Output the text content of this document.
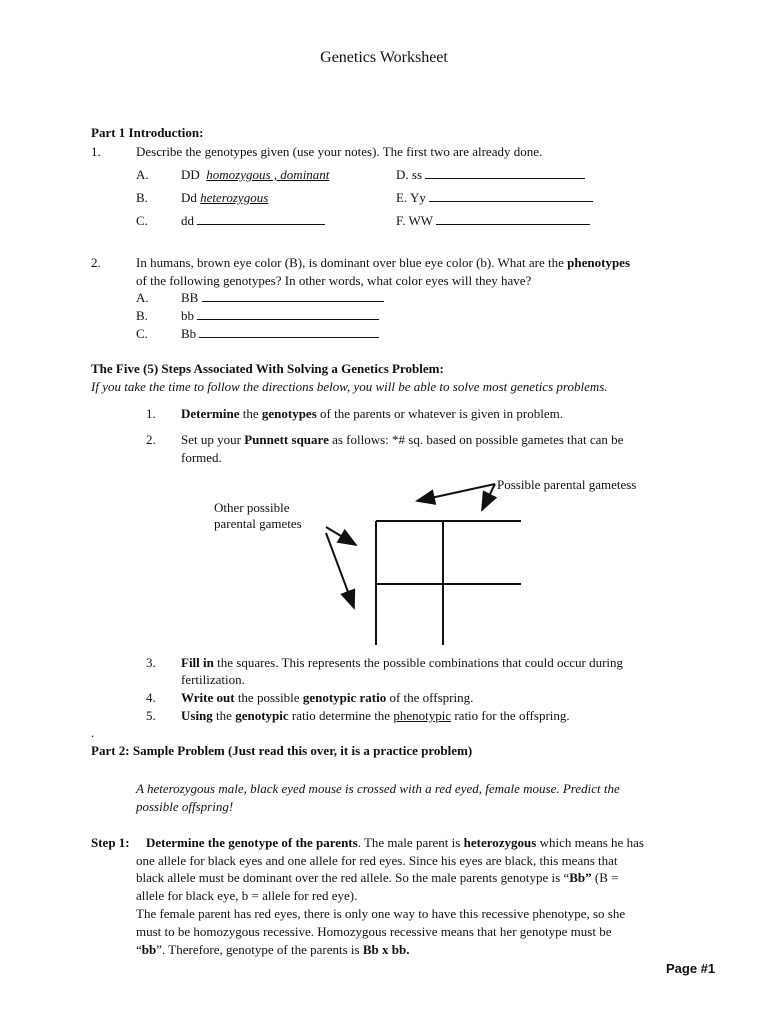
Genetics Worksheet
Part 1 Introduction:
1.	Describe the genotypes given (use your notes). The first two are already done.
A. DD homozygous , dominant
B.	Dd heterozygous
C.	dd
D. ss
E. Yy
F. WW
2.	In humans, brown eye color (B), is dominant over blue eye color (b). What are the phenotypes
of the following genotypes? In other words, what color eyes will they have?
A. BB
B.	bb
C.	Bb
The Five (5) Steps Associated With Solving a Genetics Problem:
If you take the time to follow the directions below, you will be able to solve most genetics problems.
1. Determine the genotypes of the parents or whatever is given in problem.
2. Set up your Punnett square as follows: *# sq. based on possible gametes that can be
formed.
Possible parental gametess
Other possible
parental gametes
3. Fill in the squares. This represents the possible combinations that could occur during
fertilization.
4. Write out the possible genotypic ratio of the offspring.
5. Using the genotypic ratio determine the phenotypic ratio for the offspring.
.
Part 2: Sample Problem (Just read this over, it is a practice problem)
A heterozygous male, black eyed mouse is crossed with a red eyed, female mouse. Predict the
possible offspring!
Step 1: Determine the genotype of the parents. The male parent is heterozygous which means he has
one allele for black eyes and one allele for red eyes. Since his eyes are black, this means that
black allele must be dominant over the red allele. So the male parents genotype is “Bb” (B =
allele for black eye, b = allele for red eye).
The female parent has red eyes, there is only one way to have this recessive phenotype, so she
must to be homozygous recessive. Homozygous recessive means that her genotype must be
“bb”. Therefore, genotype of the parents is Bb x bb.
Page #1
